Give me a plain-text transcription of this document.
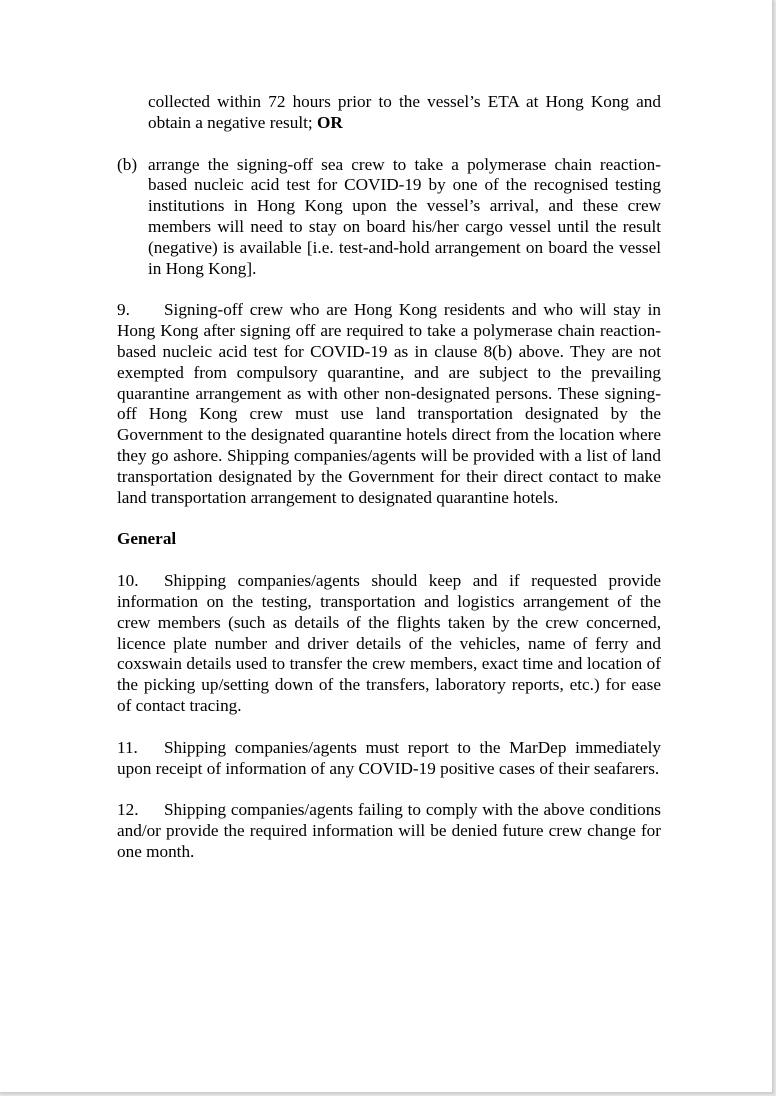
collected within 72 hours prior to the vessel’s ETA at Hong Kong and obtain a negative result; OR

(b) arrange the signing-off sea crew to take a polymerase chain reaction-based nucleic acid test for COVID-19 by one of the recognised testing institutions in Hong Kong upon the vessel’s arrival, and these crew members will need to stay on board his/her cargo vessel until the result (negative) is available [i.e. test-and-hold arrangement on board the vessel in Hong Kong].

9. Signing-off crew who are Hong Kong residents and who will stay in Hong Kong after signing off are required to take a polymerase chain reaction-based nucleic acid test for COVID-19 as in clause 8(b) above. They are not exempted from compulsory quarantine, and are subject to the prevailing quarantine arrangement as with other non-designated persons. These signing-off Hong Kong crew must use land transportation designated by the Government to the designated quarantine hotels direct from the location where they go ashore. Shipping companies/agents will be provided with a list of land transportation designated by the Government for their direct contact to make land transportation arrangement to designated quarantine hotels.

General

10. Shipping companies/agents should keep and if requested provide information on the testing, transportation and logistics arrangement of the crew members (such as details of the flights taken by the crew concerned, licence plate number and driver details of the vehicles, name of ferry and coxswain details used to transfer the crew members, exact time and location of the picking up/setting down of the transfers, laboratory reports, etc.) for ease of contact tracing.

11. Shipping companies/agents must report to the MarDep immediately upon receipt of information of any COVID-19 positive cases of their seafarers.

12. Shipping companies/agents failing to comply with the above conditions and/or provide the required information will be denied future crew change for one month.
